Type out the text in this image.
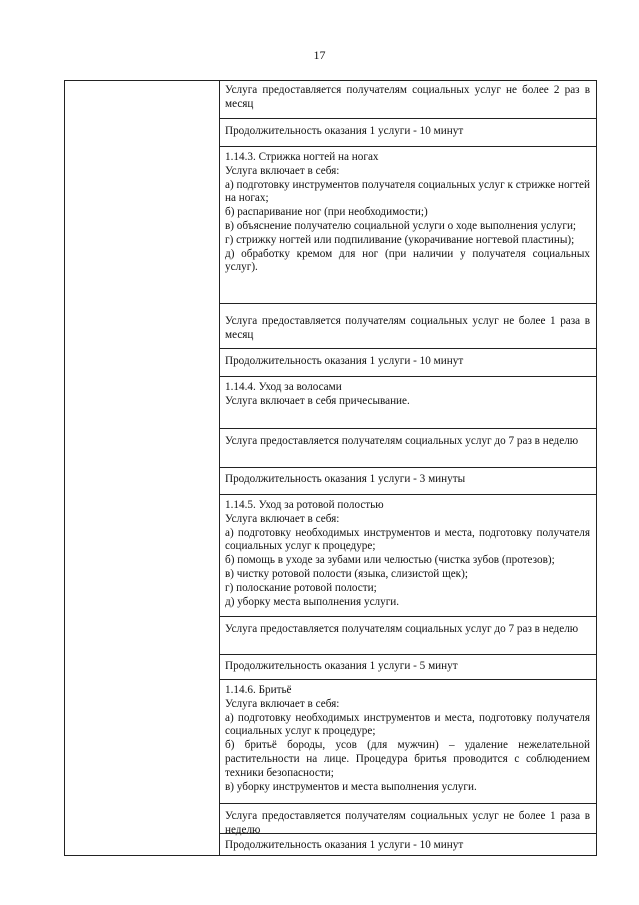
17
Услуга предоставляется получателям социальных услуг не более 2 раз в месяц
Продолжительность оказания 1 услуги - 10 минут
1.14.3. Стрижка ногтей на ногах
Услуга включает в себя:
а) подготовку инструментов получателя социальных услуг к стрижке ногтей на ногах;
б) распаривание ног (при необходимости;)
в) объяснение получателю социальной услуги о ходе выполнения услуги;
г) стрижку ногтей или подпиливание (укорачивание ногтевой пластины);
д) обработку кремом для ног (при наличии у получателя социальных услуг).
Услуга предоставляется получателям социальных услуг не более 1 раза в месяц
Продолжительность оказания 1 услуги - 10 минут
1.14.4. Уход за волосами
Услуга включает в себя причесывание.
Услуга предоставляется получателям социальных услуг до 7 раз в неделю
Продолжительность оказания 1 услуги - 3 минуты
1.14.5. Уход за ротовой полостью
Услуга включает в себя:
а) подготовку необходимых инструментов и места, подготовку получателя социальных услуг к процедуре;
б) помощь в уходе за зубами или челюстью (чистка зубов (протезов);
в) чистку ротовой полости (языка, слизистой щек);
г) полоскание ротовой полости;
д) уборку места выполнения услуги.
Услуга предоставляется получателям социальных услуг до 7 раз в неделю
Продолжительность оказания 1 услуги - 5 минут
1.14.6. Бритьё
Услуга включает в себя:
а) подготовку необходимых инструментов и места, подготовку получателя социальных услуг к процедуре;
б) бритьё бороды, усов (для мужчин) – удаление нежелательной растительности на лице. Процедура бритья проводится с соблюдением техники безопасности;
в) уборку инструментов и места выполнения услуги.
Услуга предоставляется получателям социальных услуг не более 1 раза в неделю
Продолжительность оказания 1 услуги - 10 минут
